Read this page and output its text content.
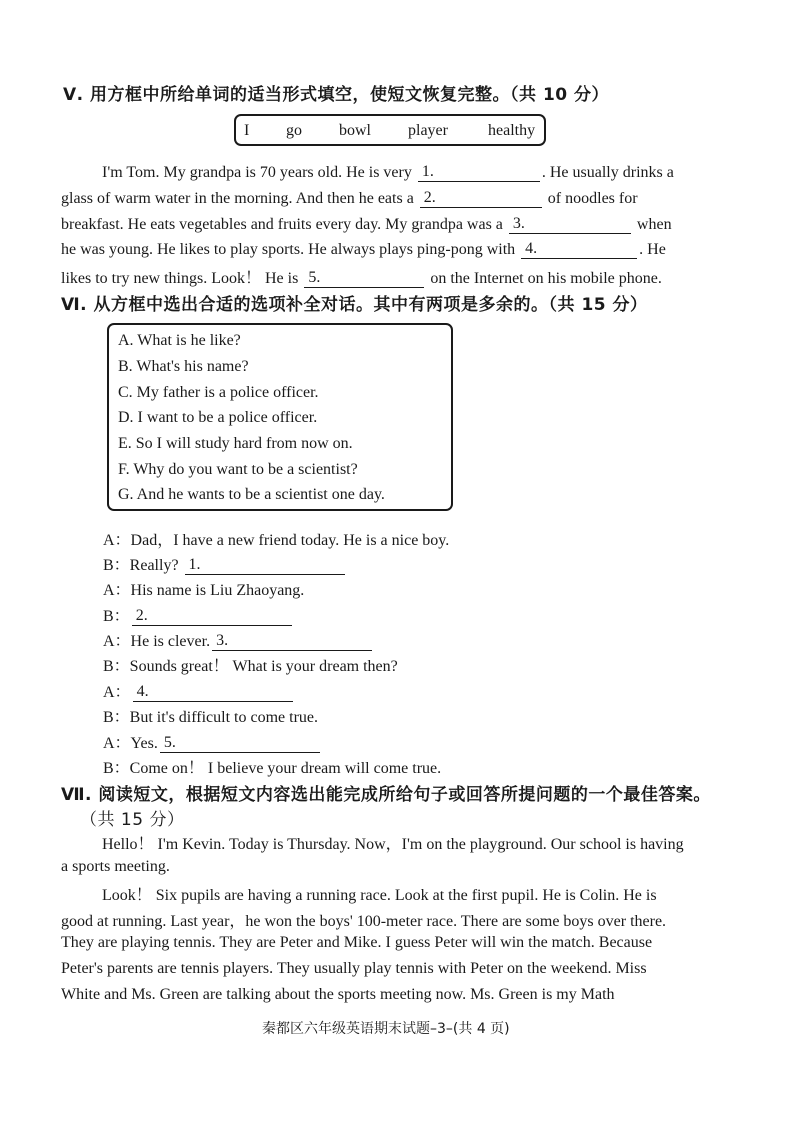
Ⅴ. 用方框中所给单词的适当形式填空，使短文恢复完整。（共 10 分）
I go bowl player	healthy
I'm Tom. My grandpa is 70 years old. He is very 1.	. He usually drinks a
glass of warm water in the morning. And then he eats a 2.	of noodles for
breakfast. He eats vegetables and fruits every day. My grandpa was a 3.	when
he was young. He likes to play sports. He always plays ping-pong with 4.	. He
likes to try new things. Look！ He is 5.	on the Internet on his mobile phone.
Ⅵ. 从方框中选出合适的选项补全对话。其中有两项是多余的。（共 15 分）
A. What is he like?
B. What's his name?
C. My father is a police officer.
D. I want to be a police officer.
E. So I will study hard from now on.
F. Why do you want to be a scientist?
G. And he wants to be a scientist one day.
A：Dad，I have a new friend today. He is a nice boy.
B：Really? 1.
A：His name is Liu Zhaoyang.
B： 2.
A：He is clever. 3.
B：Sounds great！ What is your dream then?
A： 4.
B：But it's difficult to come true.
A：Yes. 5.
B：Come on！ I believe your dream will come true.
Ⅶ. 阅读短文，根据短文内容选出能完成所给句子或回答所提问题的一个最佳答案。
（共 15 分）
Hello！ I'm Kevin. Today is Thursday. Now，I'm on the playground. Our school is having
a sports meeting.
Look！ Six pupils are having a running race. Look at the first pupil. He is Colin. He is
good at running. Last year，he won the boys' 100-meter race. There are some boys over there.
They are playing tennis. They are Peter and Mike. I guess Peter will win the match. Because
Peter's parents are tennis players. They usually play tennis with Peter on the weekend. Miss
White and Ms. Green are talking about the sports meeting now. Ms. Green is my Math
秦都区六年级英语期末试题–3–(共 4 页)
